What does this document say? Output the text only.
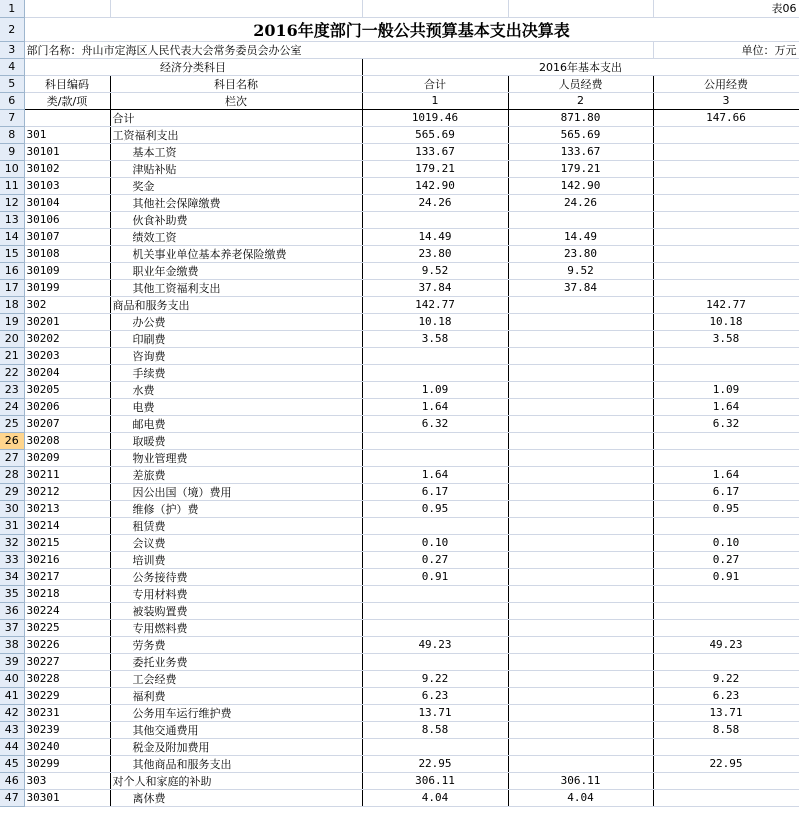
1					表06
2	2016年度部门一般公共预算基本支出决算表				
3	部门名称：舟山市定海区人民代表大会常务委员会办公室				单位：万元
4	经济分类科目		2016年基本支出		
5	科目编码	科目名称	合计	人员经费	公用经费
6	类/款/项	栏次	1	2	3
7		合计	1019.46	871.80	147.66
8	301	工资福利支出	565.69	565.69	
9	30101	基本工资	133.67	133.67	
10	30102	津贴补贴	179.21	179.21	
11	30103	奖金	142.90	142.90	
12	30104	其他社会保障缴费	24.26	24.26	
13	30106	伙食补助费			
14	30107	绩效工资	14.49	14.49	
15	30108	机关事业单位基本养老保险缴费	23.80	23.80	
16	30109	职业年金缴费	9.52	9.52	
17	30199	其他工资福利支出	37.84	37.84	
18	302	商品和服务支出	142.77		142.77
19	30201	办公费	10.18		10.18
20	30202	印刷费	3.58		3.58
21	30203	咨询费			
22	30204	手续费			
23	30205	水费	1.09		1.09
24	30206	电费	1.64		1.64
25	30207	邮电费	6.32		6.32
26	30208	取暖费			
27	30209	物业管理费			
28	30211	差旅费	1.64		1.64
29	30212	因公出国（境）费用	6.17		6.17
30	30213	维修（护）费	0.95		0.95
31	30214	租赁费			
32	30215	会议费	0.10		0.10
33	30216	培训费	0.27		0.27
34	30217	公务接待费	0.91		0.91
35	30218	专用材料费			
36	30224	被装购置费			
37	30225	专用燃料费			
38	30226	劳务费	49.23		49.23
39	30227	委托业务费			
40	30228	工会经费	9.22		9.22
41	30229	福利费	6.23		6.23
42	30231	公务用车运行维护费	13.71		13.71
43	30239	其他交通费用	8.58		8.58
44	30240	税金及附加费用			
45	30299	其他商品和服务支出	22.95		22.95
46	303	对个人和家庭的补助	306.11	306.11	
47	30301	离休费	4.04	4.04	
